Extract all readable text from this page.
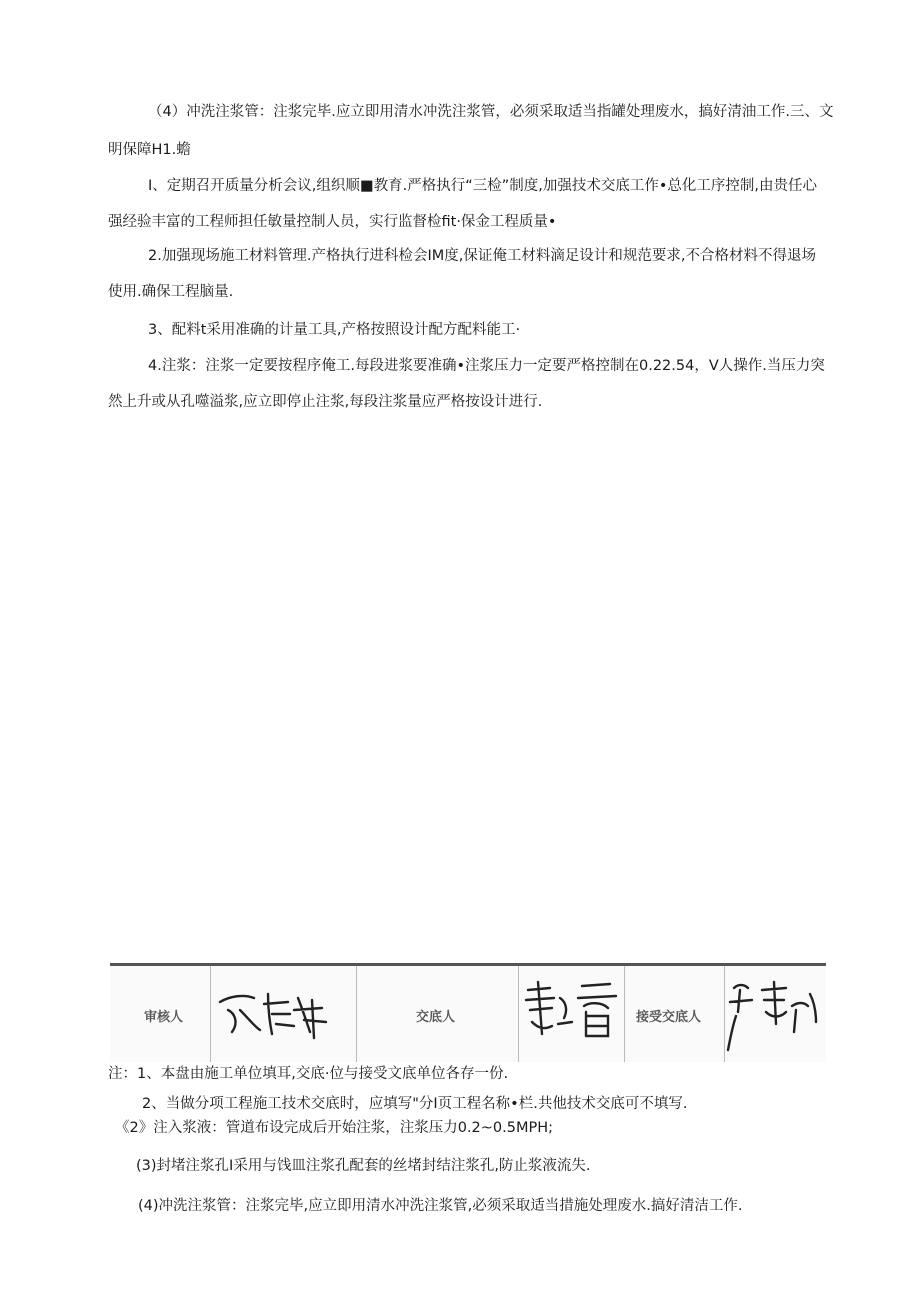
（4）冲洗注浆管：注浆完毕.应立即用清水冲洗注浆管，必须采取适当指罐处理废水，搞好清油工作.三、文
明保障H1.蟾
I、定期召开质量分析会议,组织顺■教育.严格执行“三检”制度,加强技术交底工作•总化工序控制,由贵任心
强经验丰富的工程师担任敏量控制人员，实行监督检fit·保金工程质量•
2.加强现场施工材料管理.产格执行进科检会IM度,保证俺工材料滴足设计和规范要求,不合格材料不得退场
使用.确保工程脑量.
3、配料t采用准确的计量工具,产格按照设计配方配料能工·
4.注浆：注浆一定要按程序俺工.每段进浆要准确•注浆压力一定要严格控制在0.22.54，V人操作.当压力突
然上升或从孔噬溢浆,应立即停止注浆,每段注浆量应严格按设计进行.
审核人	交底人	接受交底人
注：1、本盘由施工单位填耳,交底·位与接受文底单位各存一份.
2、当做分项工程施工技术交底时，应填写"分I页工程名称•栏.共他技术交底可不填写.
《2》注入浆液：管道布设完成后开始注浆，注浆压力0.2~0.5MPH;
(3)封堵注浆孔I采用与饯皿注浆孔配套的丝堵封结注浆孔,防止浆液流失.
(4)冲洗注浆管：注浆完毕,应立即用清水冲洗注浆管,必须采取适当措施处理废水.搞好清洁工作.
